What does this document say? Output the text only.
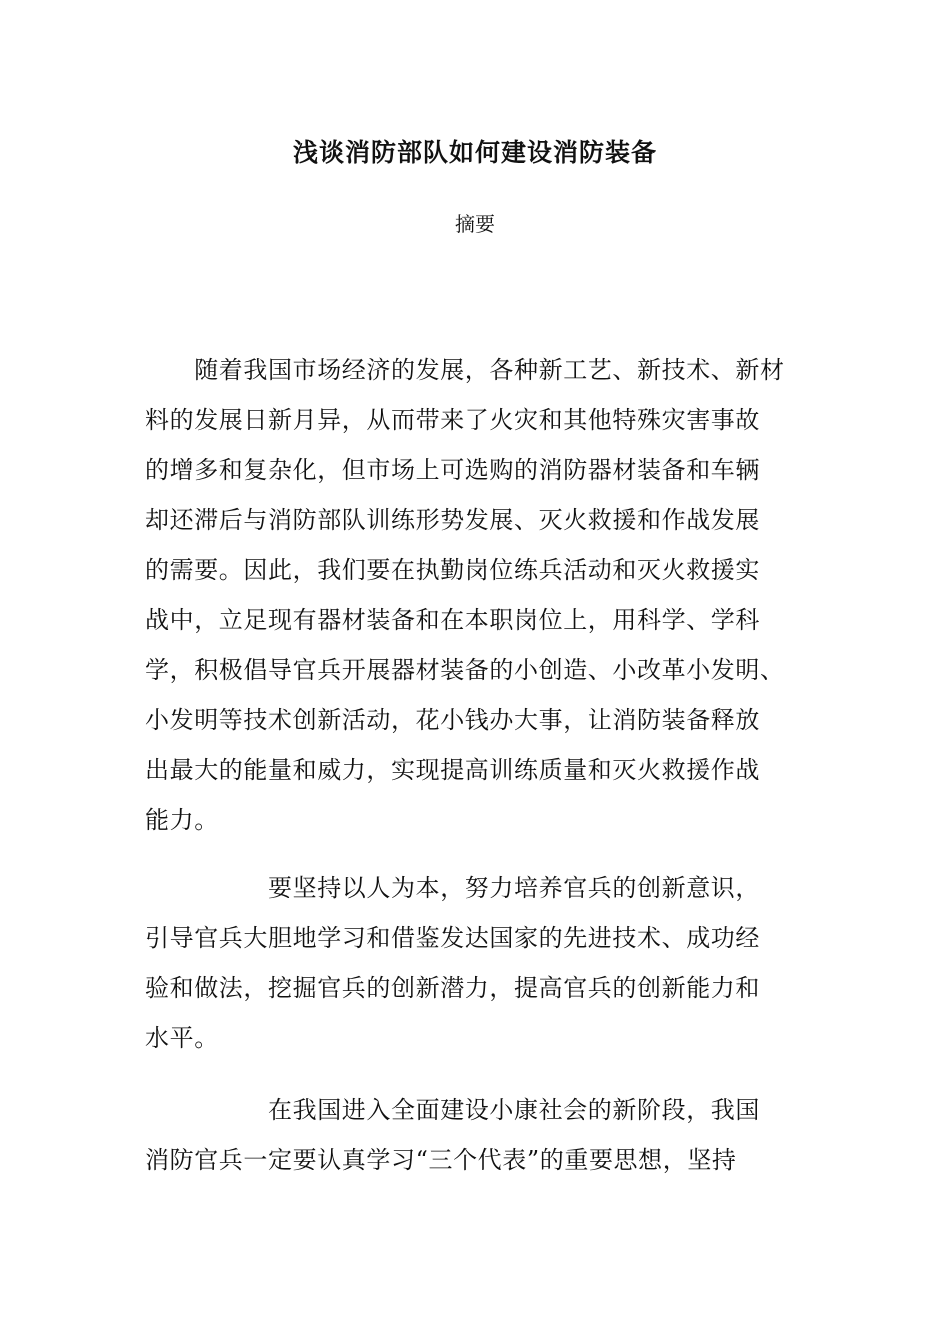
浅谈消防部队如何建设消防装备
摘要

　　随着我国市场经济的发展，各种新工艺、新技术、新材
料的发展日新月异，从而带来了火灾和其他特殊灾害事故
的增多和复杂化，但市场上可选购的消防器材装备和车辆
却还滞后与消防部队训练形势发展、灭火救援和作战发展
的需要。因此，我们要在执勤岗位练兵活动和灭火救援实
战中，立足现有器材装备和在本职岗位上，用科学、学科
学，积极倡导官兵开展器材装备的小创造、小改革小发明、
小发明等技术创新活动，花小钱办大事，让消防装备释放
出最大的能量和威力，实现提高训练质量和灭火救援作战
能力。

　　　　　要坚持以人为本，努力培养官兵的创新意识，
引导官兵大胆地学习和借鉴发达国家的先进技术、成功经
验和做法，挖掘官兵的创新潜力，提高官兵的创新能力和
水平。

　　　　　在我国进入全面建设小康社会的新阶段，我国
消防官兵一定要认真学习“三个代表”的重要思想，坚持
